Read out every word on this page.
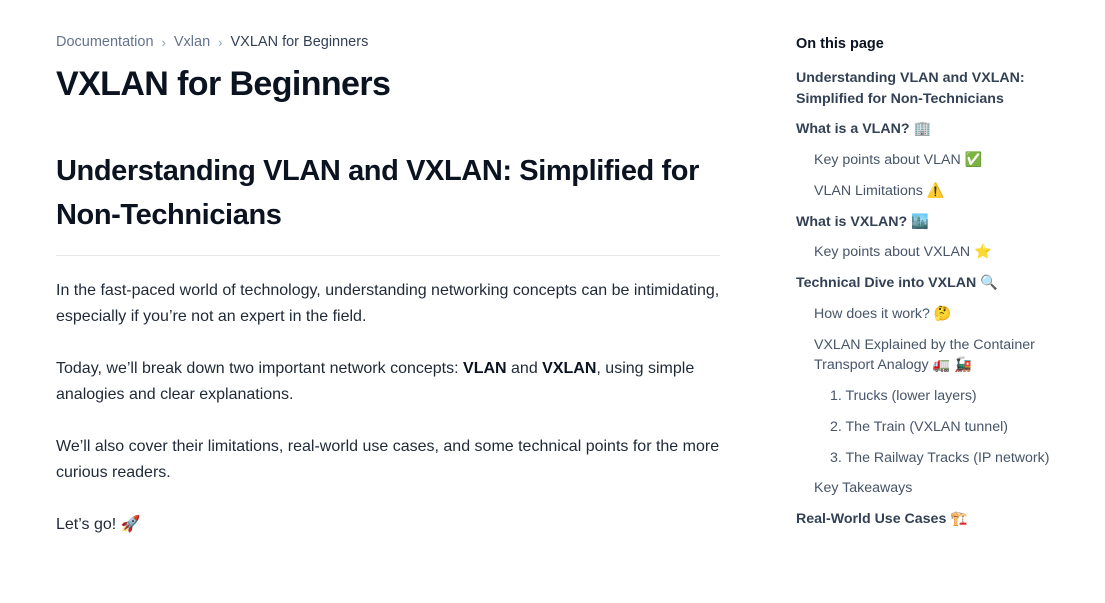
Documentation › Vxlan › VXLAN for Beginners
VXLAN for Beginners
Understanding VLAN and VXLAN: Simplified for Non-Technicians

In the fast-paced world of technology, understanding networking concepts can be intimidating, especially if you’re not an expert in the field.

Today, we’ll break down two important network concepts: VLAN and VXLAN, using simple analogies and clear explanations.

We’ll also cover their limitations, real-world use cases, and some technical points for the more curious readers.

Let’s go! 🚀

On this page
Understanding VLAN and VXLAN: Simplified for Non-Technicians
What is a VLAN? 🏢
Key points about VLAN ✅
VLAN Limitations ⚠️
What is VXLAN? 🏙️
Key points about VXLAN ⭐
Technical Dive into VXLAN 🔍
How does it work? 🤔
VXLAN Explained by the Container Transport Analogy 🚛 🚂
1. Trucks (lower layers)
2. The Train (VXLAN tunnel)
3. The Railway Tracks (IP network)
Key Takeaways
Real-World Use Cases 🏗️
